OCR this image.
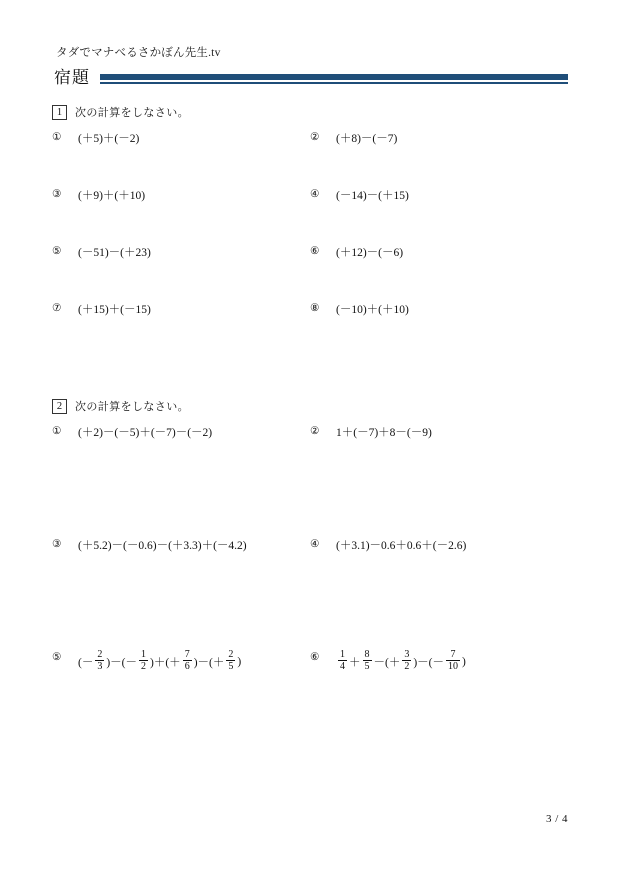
タダでマナべるさかぼん先生.tv
宿題
1	次の計算をしなさい。
①	(＋5)＋(－2)	②	(＋8)－(－7)
③	(＋9)＋(＋10)	④	(－14)－(＋15)
⑤	(－51)－(＋23)	⑥	(＋12)－(－6)
⑦	(＋15)＋(－15)	⑧	(－10)＋(＋10)
2	次の計算をしなさい。
①	(＋2)－(－5)＋(－7)－(－2)	②	1＋(－7)＋8－(－9)
③	(＋5.2)－(－0.6)－(＋3.3)＋(－4.2)	④	(＋3.1)－0.6＋0.6＋(－2.6)
⑤	(－ $\frac{2}{3}$ )－(－ $\frac{1}{2}$ )＋(＋ $\frac{7}{6}$ )－(＋ $\frac{2}{5}$ )	⑥	$\frac{1}{4} + \frac{8}{5}$ －(＋ $\frac{3}{2}$ )－(－ $\frac{7}{10}$ )
3 / 4
